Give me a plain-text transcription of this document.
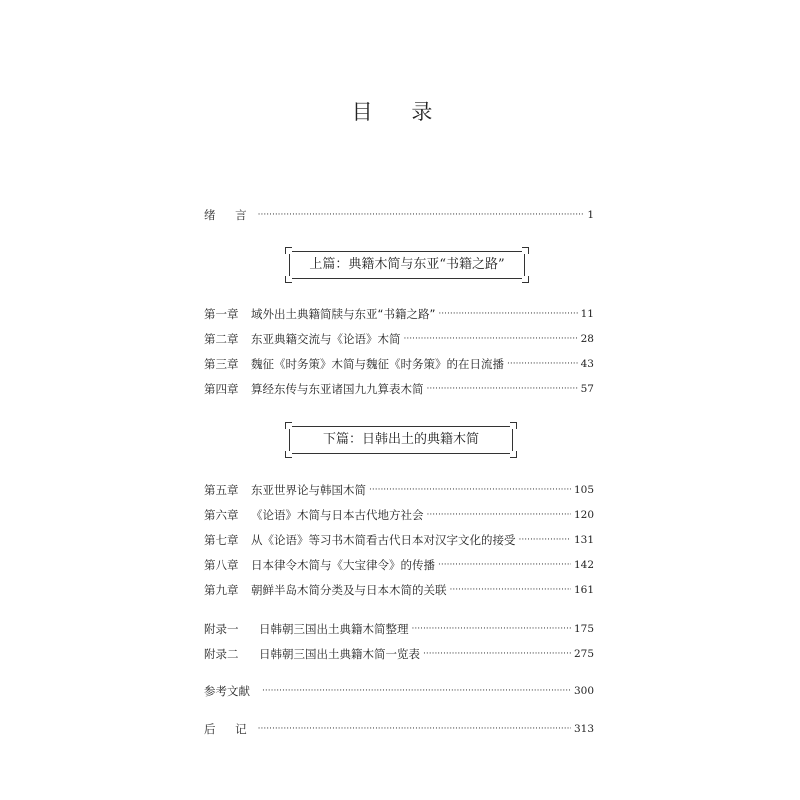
目 录
绪 言 ·····	1
上篇：典籍木简与东亚“书籍之路”
第一章	域外出土典籍简牍与东亚“书籍之路” ·····	11
第二章	东亚典籍交流与《论语》木简 ·····	28
第三章	魏征《时务策》木简与魏征《时务策》的在日流播 ·····	43
第四章	算经东传与东亚诸国九九算表木简 ·····	57
下篇：日韩出土的典籍木简
第五章	东亚世界论与韩国木简 ·····	105
第六章	《论语》木简与日本古代地方社会 ·····	120
第七章	从《论语》等习书木简看古代日本对汉字文化的接受 ·····	131
第八章	日本律令木简与《大宝律令》的传播 ·····	142
第九章	朝鲜半岛木简分类及与日本木简的关联 ·····	161
附录一	日韩朝三国出土典籍木简整理 ·····	175
附录二	日韩朝三国出土典籍木简一览表 ·····	275
参考文献 ·····	300
后 记 ·····	313
